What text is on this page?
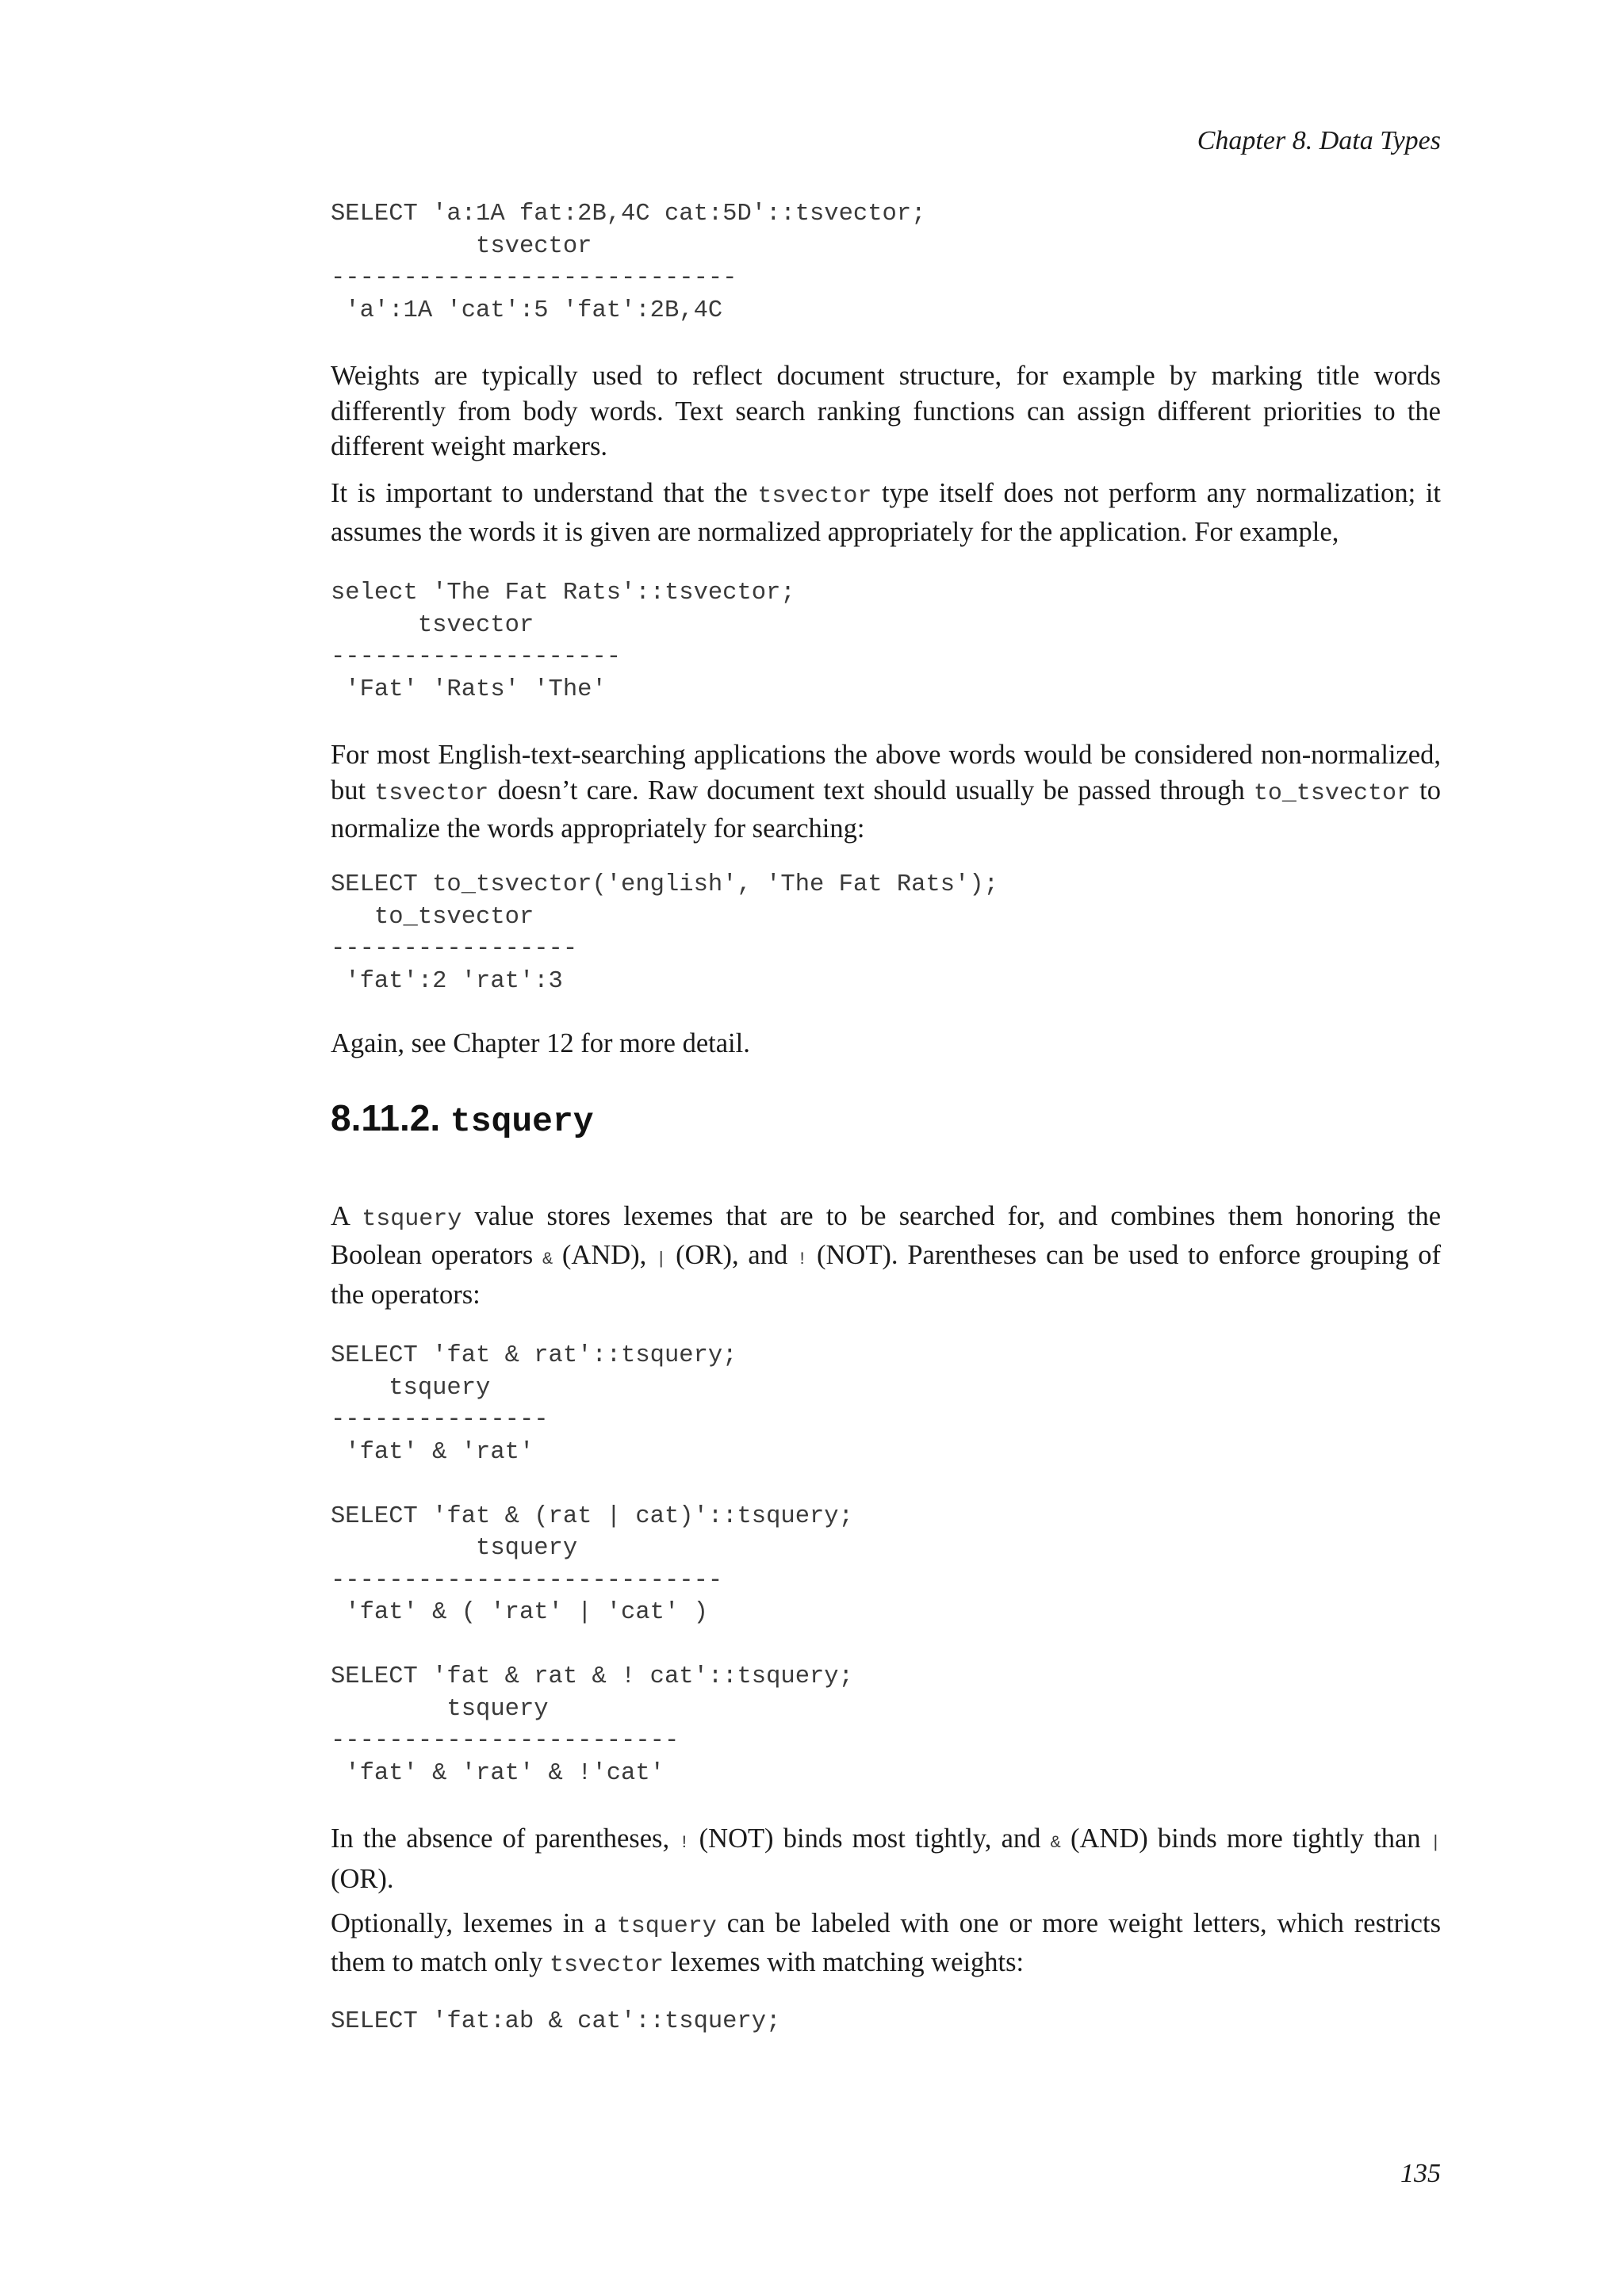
Chapter 8. Data Types
SELECT 'a:1A fat:2B,4C cat:5D'::tsvector;
tsvector
----------------------------
'a':1A 'cat':5 'fat':2B,4C

Weights are typically used to reflect document structure, for example by marking title words differently from body words. Text search ranking functions can assign different priorities to the different weight markers.

It is important to understand that the tsvector type itself does not perform any normalization; it assumes the words it is given are normalized appropriately for the application. For example,

select 'The Fat Rats'::tsvector;
tsvector
--------------------
'Fat' 'Rats' 'The'

For most English-text-searching applications the above words would be considered non-normalized, but tsvector doesn’t care. Raw document text should usually be passed through to_tsvector to normalize the words appropriately for searching:

SELECT to_tsvector('english', 'The Fat Rats');
to_tsvector
-----------------
'fat':2 'rat':3

Again, see Chapter 12 for more detail.

8.11.2. tsquery

A tsquery value stores lexemes that are to be searched for, and combines them honoring the Boolean operators & (AND), | (OR), and ! (NOT). Parentheses can be used to enforce grouping of the operators:

SELECT 'fat & rat'::tsquery;
tsquery
---------------
'fat' & 'rat'

SELECT 'fat & (rat | cat)'::tsquery;
tsquery
---------------------------
'fat' & ( 'rat' | 'cat' )

SELECT 'fat & rat & ! cat'::tsquery;
tsquery
------------------------
'fat' & 'rat' & !'cat'

In the absence of parentheses, ! (NOT) binds most tightly, and & (AND) binds more tightly than | (OR).

Optionally, lexemes in a tsquery can be labeled with one or more weight letters, which restricts them to match only tsvector lexemes with matching weights:

SELECT 'fat:ab & cat'::tsquery;
135
